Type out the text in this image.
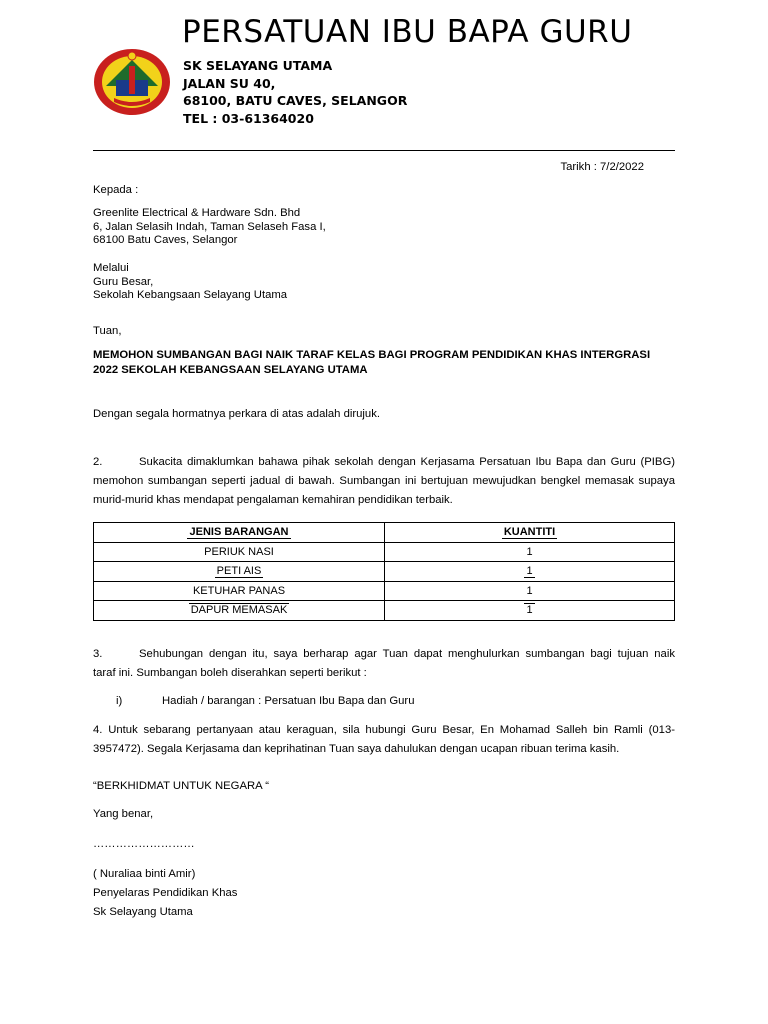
PERSATUAN IBU BAPA GURU
SK SELAYANG UTAMA
JALAN SU 40,
68100, BATU CAVES, SELANGOR
TEL : 03-61364020
Tarikh : 7/2/2022
Kepada :
Greenlite Electrical & Hardware Sdn. Bhd
6, Jalan Selasih Indah, Taman Selaseh Fasa I,
68100 Batu Caves, Selangor
Melalui
Guru Besar,
Sekolah Kebangsaan Selayang Utama
Tuan,
MEMOHON SUMBANGAN BAGI NAIK TARAF KELAS BAGI PROGRAM PENDIDIKAN KHAS INTERGRASI 2022 SEKOLAH KEBANGSAAN SELAYANG UTAMA
Dengan segala hormatnya perkara di atas adalah dirujuk.
2.	Sukacita dimaklumkan bahawa pihak sekolah dengan Kerjasama Persatuan Ibu Bapa dan Guru (PIBG)
memohon sumbangan seperti jadual di bawah. Sumbangan ini bertujuan mewujudkan bengkel memasak supaya
murid-murid khas mendapat pengalaman kemahiran pendidikan terbaik.
JENIS BARANGAN	KUANTITI
PERIUK NASI	1
PETI AIS	1
KETUHAR PANAS	1
DAPUR MEMASAK	1
3.	Sehubungan dengan itu, saya berharap agar Tuan dapat menghulurkan sumbangan bagi tujuan naik
taraf ini. Sumbangan boleh diserahkan seperti berikut :
i)	Hadiah / barangan : Persatuan Ibu Bapa dan Guru
4. Untuk sebarang pertanyaan atau keraguan, sila hubungi Guru Besar, En Mohamad Salleh bin Ramli (013-
3957472). Segala Kerjasama dan keprihatinan Tuan saya dahulukan dengan ucapan ribuan terima kasih.
“BERKHIDMAT UNTUK NEGARA “
Yang benar,
………………………
( Nuraliaa binti Amir)
Penyelaras Pendidikan Khas
Sk Selayang Utama
